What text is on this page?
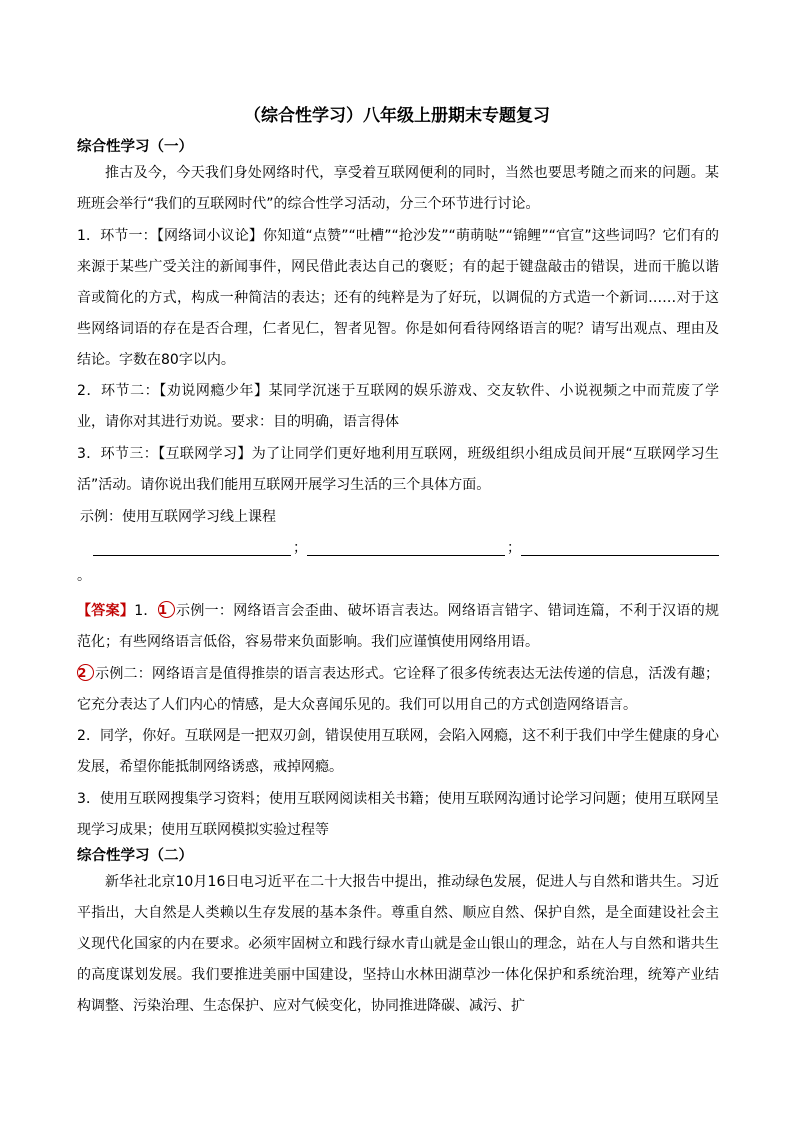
（综合性学习）八年级上册期末专题复习
综合性学习（一）
推古及今，今天我们身处网络时代，享受着互联网便利的同时，当然也要思考随之而来的问题。某班班会举行“我们的互联网时代”的综合性学习活动，分三个环节进行讨论。
1．环节一：【网络词小议论】你知道“点赞”“吐槽”“抢沙发”“萌萌哒”“锦鲤”“官宣”这些词吗？它们有的来源于某些广受关注的新闻事件，网民借此表达自己的褒贬；有的起于键盘敲击的错误，进而干脆以谐音或简化的方式，构成一种简洁的表达；还有的纯粹是为了好玩，以调侃的方式造一个新词……对于这些网络词语的存在是否合理，仁者见仁，智者见智。你是如何看待网络语言的呢？请写出观点、理由及结论。字数在80字以内。
2．环节二：【劝说网瘾少年】某同学沉迷于互联网的娱乐游戏、交友软件、小说视频之中而荒废了学业，请你对其进行劝说。要求：目的明确，语言得体
3．环节三：【互联网学习】为了让同学们更好地利用互联网，班级组织小组成员间开展“互联网学习生活”活动。请你说出我们能用互联网开展学习生活的三个具体方面。
示例：使用互联网学习线上课程
；	；
。
【答案】1．1 示例一：网络语言会歪曲、破坏语言表达。网络语言错字、错词连篇，不利于汉语的规范化；有些网络语言低俗，容易带来负面影响。我们应谨慎使用网络用语。
2 示例二：网络语言是值得推崇的语言表达形式。它诠释了很多传统表达无法传递的信息，活泼有趣；它充分表达了人们内心的情感，是大众喜闻乐见的。我们可以用自己的方式创造网络语言。
2．同学，你好。互联网是一把双刃剑，错误使用互联网，会陷入网瘾，这不利于我们中学生健康的身心发展，希望你能抵制网络诱惑，戒掉网瘾。
3．使用互联网搜集学习资料；使用互联网阅读相关书籍；使用互联网沟通讨论学习问题；使用互联网呈现学习成果；使用互联网模拟实验过程等
综合性学习（二）
新华社北京10月16日电习近平在二十大报告中提出，推动绿色发展，促进人与自然和谐共生。习近平指出，大自然是人类赖以生存发展的基本条件。尊重自然、顺应自然、保护自然，是全面建设社会主义现代化国家的内在要求。必须牢固树立和践行绿水青山就是金山银山的理念，站在人与自然和谐共生的高度谋划发展。我们要推进美丽中国建设，坚持山水林田湖草沙一体化保护和系统治理，统筹产业结构调整、污染治理、生态保护、应对气候变化，协同推进降碳、减污、扩
